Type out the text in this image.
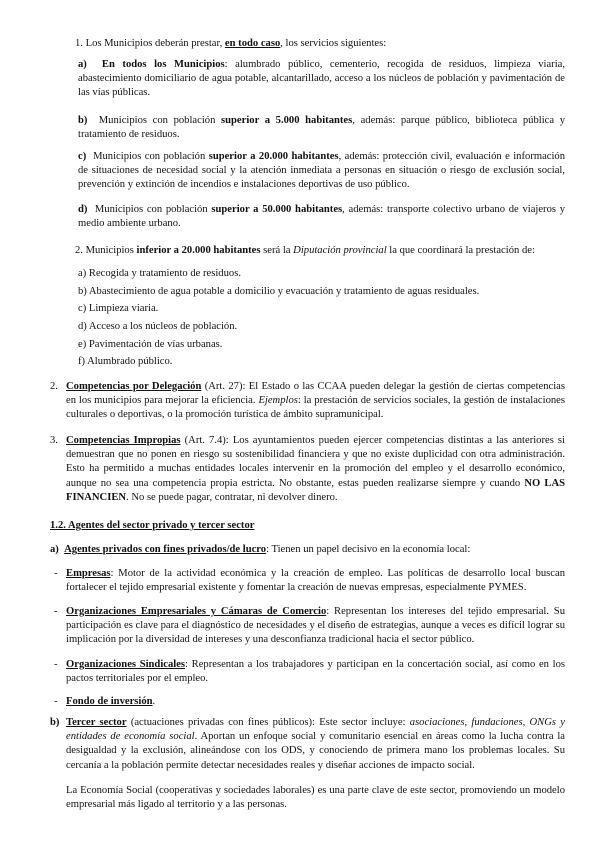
1. Los Municipios deberán prestar, en todo caso, los servicios siguientes:
a) En todos los Municipios: alumbrado público, cementerio, recogida de residuos, limpieza viaria, abastecimiento domiciliario de agua potable, alcantarillado, acceso a los núcleos de población y pavimentación de las vías públicas.
b) Municipios con población superior a 5.000 habitantes, además: parque público, biblioteca pública y tratamiento de residuos.
c) Municipios con población superior a 20.000 habitantes, además: protección civil, evaluación e información de situaciones de necesidad social y la atención inmediata a personas en situación o riesgo de exclusión social, prevención y extinción de incendios e instalaciones deportivas de uso público.
d) Municipios con población superior a 50.000 habitantes, además: transporte colectivo urbano de viajeros y medio ambiente urbano.
2. Municipios inferior a 20.000 habitantes será la Diputación provincial la que coordinará la prestación de:
a) Recogida y tratamiento de residuos.
b) Abastecimiento de agua potable a domicilio y evacuación y tratamiento de aguas residuales.
c) Limpieza viaria.
d) Acceso a los núcleos de población.
e) Pavimentación de vías urbanas.
f) Alumbrado público.
2. Competencias por Delegación (Art. 27): El Estado o las CCAA pueden delegar la gestión de ciertas competencias en los municipios para mejorar la eficiencia. Ejemplos: la prestación de servicios sociales, la gestión de instalaciones culturales o deportivas, o la promoción turística de ámbito supramunicipal.
3. Competencias Impropias (Art. 7.4): Los ayuntamientos pueden ejercer competencias distintas a las anteriores si demuestran que no ponen en riesgo su sostenibilidad financiera y que no existe duplicidad con otra administración. Esto ha permitido a muchas entidades locales intervenir en la promoción del empleo y el desarrollo económico, aunque no sea una competencia propia estricta. No obstante, estas pueden realizarse siempre y cuando NO LAS FINANCIEN. No se puede pagar, contratar, ni devolver dinero.
1.2. Agentes del sector privado y tercer sector
a) Agentes privados con fines privados/de lucro: Tienen un papel decisivo en la economía local:
- Empresas: Motor de la actividad económica y la creación de empleo. Las políticas de desarrollo local buscan fortalecer el tejido empresarial existente y fomentar la creación de nuevas empresas, especialmente PYMES.
- Organizaciones Empresariales y Cámaras de Comercio: Representan los intereses del tejido empresarial. Su participación es clave para el diagnóstico de necesidades y el diseño de estrategias, aunque a veces es difícil lograr su implicación por la diversidad de intereses y una desconfianza tradicional hacia el sector público.
- Organizaciones Sindicales: Representan a los trabajadores y participan en la concertación social, así como en los pactos territoriales por el empleo.
- Fondo de inversión.
b) Tercer sector (actuaciones privadas con fines públicos): Este sector incluye: asociaciones, fundaciones, ONGs y entidades de economía social. Aportan un enfoque social y comunitario esencial en áreas como la lucha contra la desigualdad y la exclusión, alineándose con los ODS, y conociendo de primera mano los problemas locales. Su cercanía a la población permite detectar necesidades reales y diseñar acciones de impacto social.
La Economía Social (cooperativas y sociedades laborales) es una parte clave de este sector, promoviendo un modelo empresarial más ligado al territorio y a las personas.
